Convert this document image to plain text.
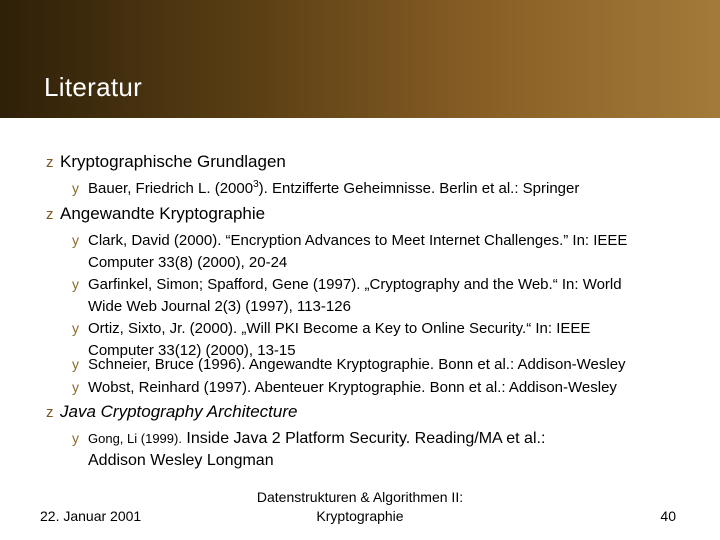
Literatur
ᴢ Kryptographische Grundlagen
y Bauer, Friedrich L. (2000$^3$). Entzifferte Geheimnisse. Berlin et al.: Springer
ᴢ Angewandte Kryptographie
y Clark, David (2000). “Encryption Advances to Meet Internet Challenges.” In: IEEE
Computer 33(8) (2000), 20-24
y Garfinkel, Simon; Spafford, Gene (1997). „Cryptography and the Web.“ In: World
Wide Web Journal 2(3) (1997), 113-126
y Ortiz, Sixto, Jr. (2000). „Will PKI Become a Key to Online Security.“ In: IEEE
Computer 33(12) (2000), 13-15
y Schneier, Bruce (1996). Angewandte Kryptographie. Bonn et al.: Addison-Wesley
y Wobst, Reinhard (1997). Abenteuer Kryptographie. Bonn et al.: Addison-Wesley
ᴢ Java Cryptography Architecture
y Gong, Li (1999). Inside Java 2 Platform Security. Reading/MA et al.:
Addison Wesley Longman
22. Januar 2001
Datenstrukturen & Algorithmen II:
Kryptographie	40
